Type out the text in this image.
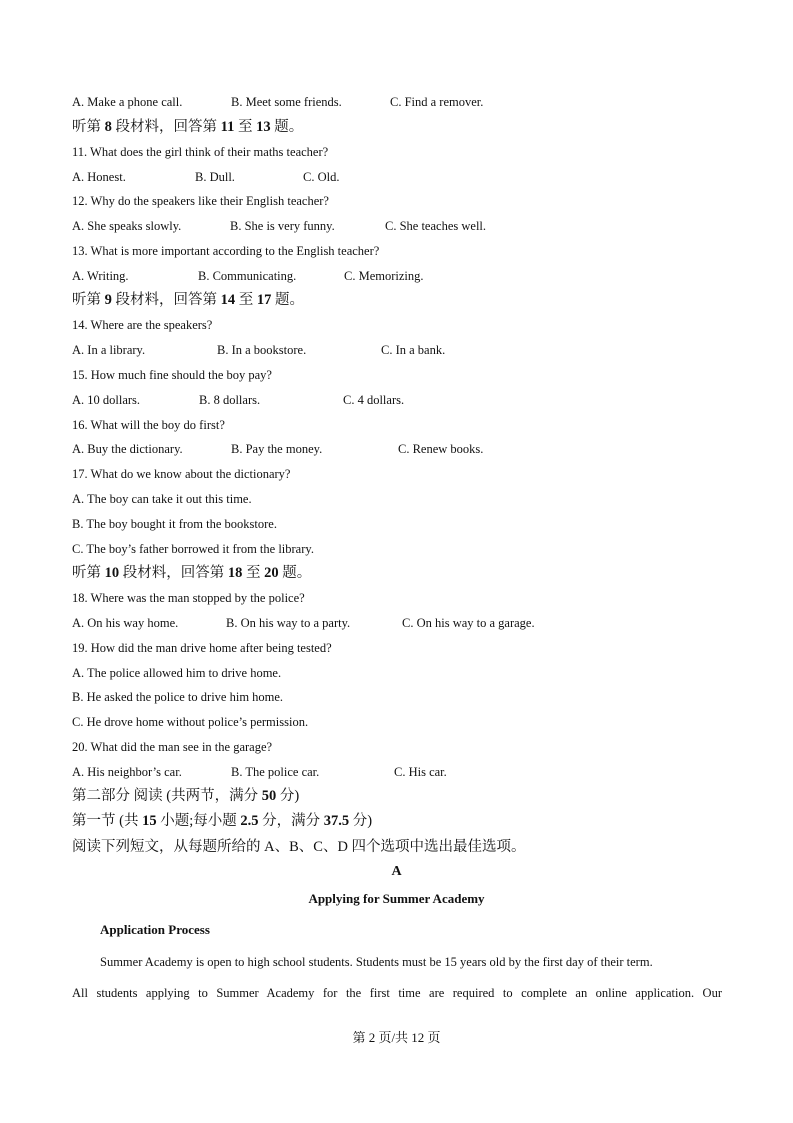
A. Make a phone call.	B. Meet some friends.	C. Find a remover.
听第 8 段材料，回答第 11 至 13 题。
11. What does the girl think of their maths teacher?
A. Honest.	B. Dull.	C. Old.
12. Why do the speakers like their English teacher?
A. She speaks slowly.	B. She is very funny.	C. She teaches well.
13. What is more important according to the English teacher?
A. Writing.	B. Communicating.	C. Memorizing.
听第 9 段材料，回答第 14 至 17 题。
14. Where are the speakers?
A. In a library.	B. In a bookstore.	C. In a bank.
15. How much fine should the boy pay?
A. 10 dollars.	B. 8 dollars.	C. 4 dollars.
16. What will the boy do first?
A. Buy the dictionary.	B. Pay the money.	C. Renew books.
17. What do we know about the dictionary?
A. The boy can take it out this time.
B. The boy bought it from the bookstore.
C. The boy’s father borrowed it from the library.
听第 10 段材料，回答第 18 至 20 题。
18. Where was the man stopped by the police?
A. On his way home.	B. On his way to a party.	C. On his way to a garage.
19. How did the man drive home after being tested?
A. The police allowed him to drive home.
B. He asked the police to drive him home.
C. He drove home without police’s permission.
20. What did the man see in the garage?
A. His neighbor’s car.	B. The police car.	C. His car.
第二部分 阅读 (共两节，满分 50 分)
第一节 (共 15 小题;每小题 2.5 分，满分 37.5 分)
阅读下列短文，从每题所给的 A、B、C、D 四个选项中选出最佳选项。
A
Applying for Summer Academy
Application Process
Summer Academy is open to high school students. Students must be 15 years old by the first day of their term.
All students applying to Summer Academy for the first time are required to complete an online application. Our
第 2 页/共 12 页
